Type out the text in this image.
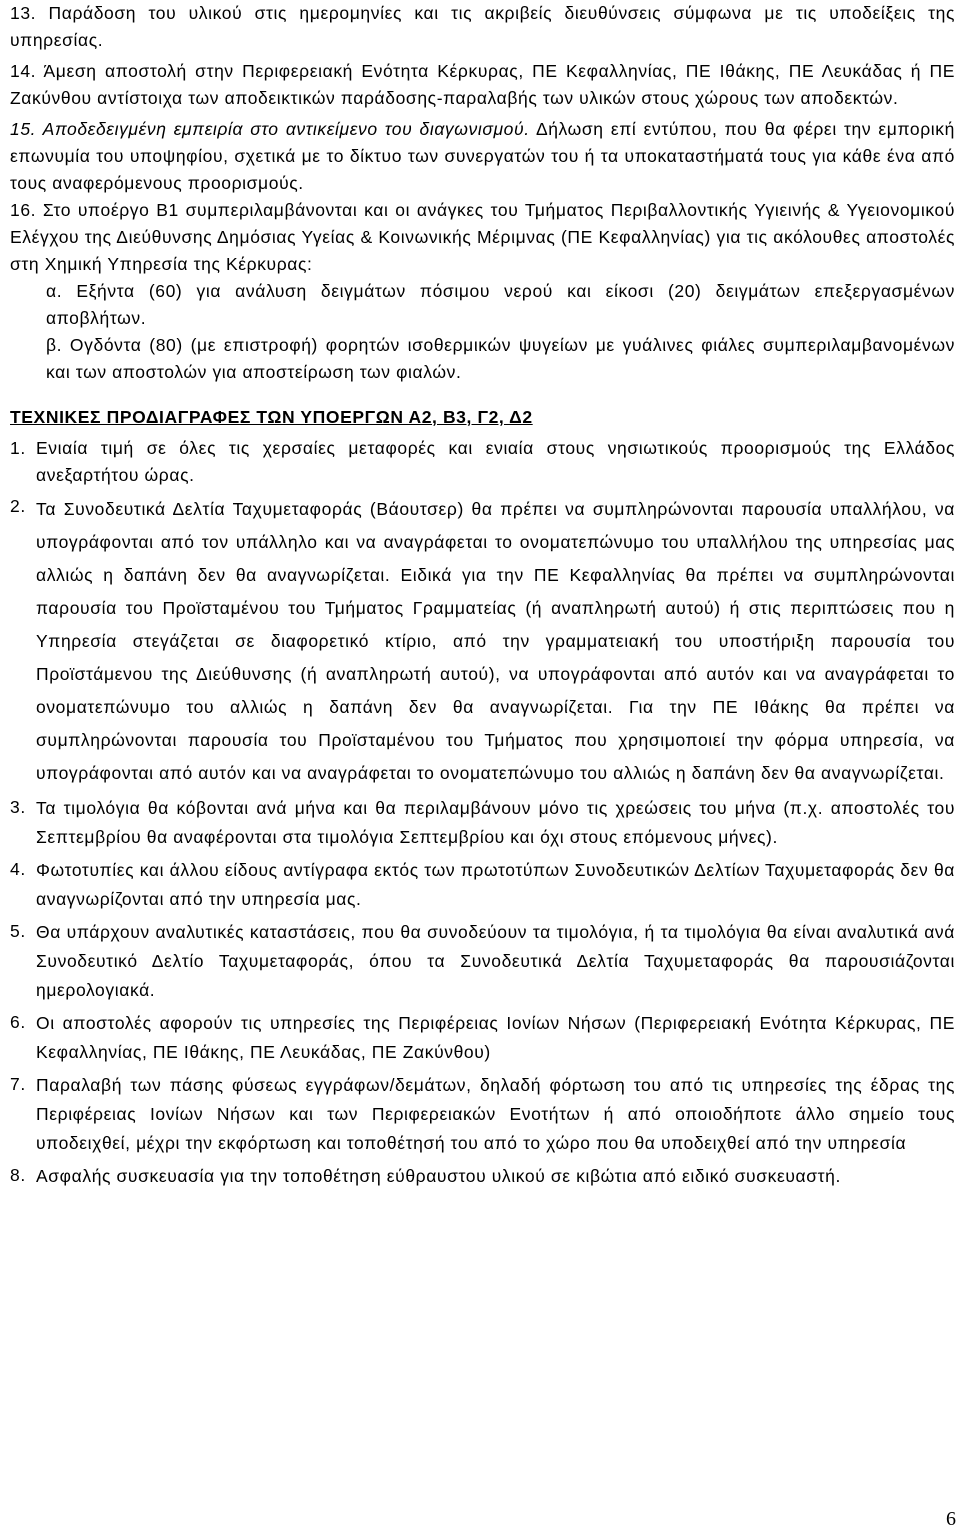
13. Παράδοση του υλικού στις ημερομηνίες και τις ακριβείς διευθύνσεις σύμφωνα με τις υποδείξεις της υπηρεσίας.

14. Άμεση αποστολή στην Περιφερειακή Ενότητα Κέρκυρας, ΠΕ Κεφαλληνίας, ΠΕ Ιθάκης, ΠΕ Λευκάδας ή ΠΕ Ζακύνθου αντίστοιχα των αποδεικτικών παράδοσης-παραλαβής των υλικών στους χώρους των αποδεκτών.

15. Αποδεδειγμένη εμπειρία στο αντικείμενο του διαγωνισμού. Δήλωση επί εντύπου, που θα φέρει την εμπορική επωνυμία του υποψηφίου, σχετικά με το δίκτυο των συνεργατών του ή τα υποκαταστήματά τους για κάθε ένα από τους αναφερόμενους προορισμούς.

16. Στο υποέργο Β1 συμπεριλαμβάνονται και οι ανάγκες του Τμήματος Περιβαλλοντικής Υγιεινής & Υγειονομικού Ελέγχου της Διεύθυνσης Δημόσιας Υγείας & Κοινωνικής Μέριμνας (ΠΕ Κεφαλληνίας) για τις ακόλουθες αποστολές στη Χημική Υπηρεσία της Κέρκυρας:

α. Εξήντα (60) για ανάλυση δειγμάτων πόσιμου νερού και είκοσι (20) δειγμάτων επεξεργασμένων αποβλήτων.

β. Ογδόντα (80) (με επιστροφή) φορητών ισοθερμικών ψυγείων με γυάλινες φιάλες συμπεριλαμβανομένων και των αποστολών για αποστείρωση των φιαλών.

ΤΕΧΝΙΚΕΣ ΠΡΟΔΙΑΓΡΑΦΕΣ ΤΩΝ ΥΠΟΕΡΓΩΝ Α2, Β3, Γ2, Δ2

1. Ενιαία τιμή σε όλες τις χερσαίες μεταφορές και ενιαία στους νησιωτικούς προορισμούς της Ελλάδος ανεξαρτήτου ώρας.
2. Τα Συνοδευτικά Δελτία Ταχυμεταφοράς (Βάουτσερ) θα πρέπει να συμπληρώνονται παρουσία υπαλλήλου, να υπογράφονται από τον υπάλληλο και να αναγράφεται το ονοματεπώνυμο του υπαλλήλου της υπηρεσίας μας αλλιώς η δαπάνη δεν θα αναγνωρίζεται. Ειδικά για την ΠΕ Κεφαλληνίας θα πρέπει να συμπληρώνονται παρουσία του Προϊσταμένου του Τμήματος Γραμματείας (ή αναπληρωτή αυτού) ή στις περιπτώσεις που η Υπηρεσία στεγάζεται σε διαφορετικό κτίριο, από την γραμματειακή του υποστήριξη παρουσία του Προϊστάμενου της Διεύθυνσης (ή αναπληρωτή αυτού), να υπογράφονται από αυτόν και να αναγράφεται το ονοματεπώνυμο του αλλιώς η δαπάνη δεν θα αναγνωρίζεται. Για την ΠΕ Ιθάκης θα πρέπει να συμπληρώνονται παρουσία του Προϊσταμένου του Τμήματος που χρησιμοποιεί την φόρμα υπηρεσία, να υπογράφονται από αυτόν και να αναγράφεται το ονοματεπώνυμο του αλλιώς η δαπάνη δεν θα αναγνωρίζεται.
3. Τα τιμολόγια θα κόβονται ανά μήνα και θα περιλαμβάνουν μόνο τις χρεώσεις του μήνα (π.χ. αποστολές του Σεπτεμβρίου θα αναφέρονται στα τιμολόγια Σεπτεμβρίου και όχι στους επόμενους μήνες).
4. Φωτοτυπίες και άλλου είδους αντίγραφα εκτός των πρωτοτύπων Συνοδευτικών Δελτίων Ταχυμεταφοράς δεν θα αναγνωρίζονται από την υπηρεσία μας.
5. Θα υπάρχουν αναλυτικές καταστάσεις, που θα συνοδεύουν τα τιμολόγια, ή τα τιμολόγια θα είναι αναλυτικά ανά Συνοδευτικό Δελτίο Ταχυμεταφοράς, όπου τα Συνοδευτικά Δελτία Ταχυμεταφοράς θα παρουσιάζονται ημερολογιακά.
6. Οι αποστολές αφορούν τις υπηρεσίες της Περιφέρειας Ιονίων Νήσων (Περιφερειακή Ενότητα Κέρκυρας, ΠΕ Κεφαλληνίας, ΠΕ Ιθάκης, ΠΕ Λευκάδας, ΠΕ Ζακύνθου)
7. Παραλαβή των πάσης φύσεως εγγράφων/δεμάτων, δηλαδή φόρτωση του από τις υπηρεσίες της έδρας της Περιφέρειας Ιονίων Νήσων και των Περιφερειακών Ενοτήτων ή από οποιοδήποτε άλλο σημείο τους υποδειχθεί, μέχρι την εκφόρτωση και τοποθέτησή του από το χώρο που θα υποδειχθεί από την υπηρεσία
8. Ασφαλής συσκευασία για την τοποθέτηση εύθραυστου υλικού σε κιβώτια από ειδικό συσκευαστή.
6
